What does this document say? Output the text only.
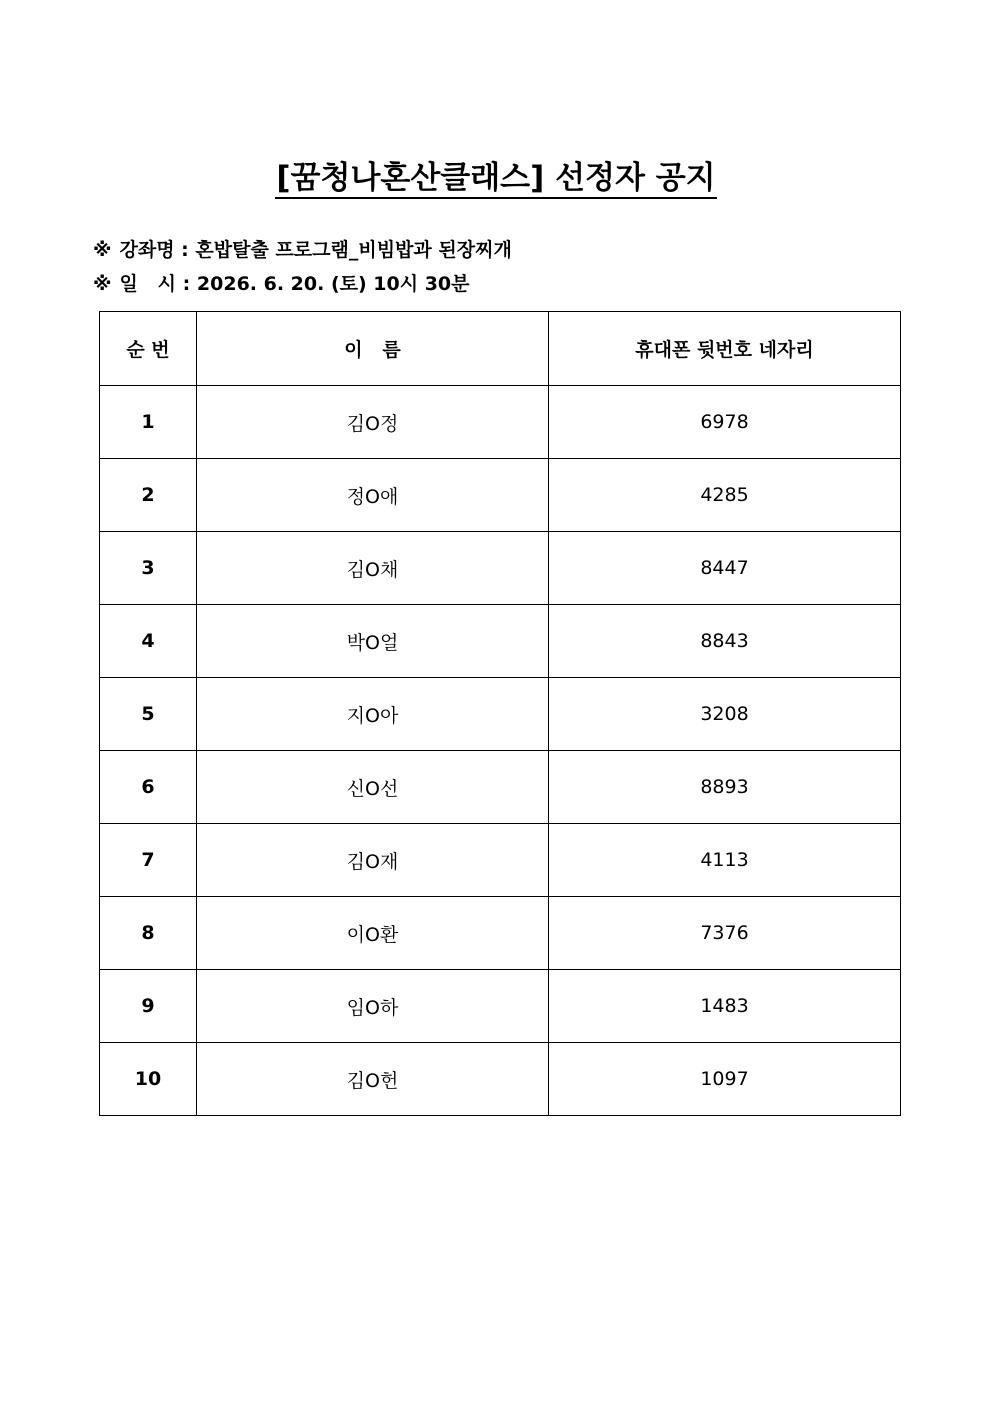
[꿈청나혼산클래스] 선정자 공지
※ 강좌명 : 혼밥탈출 프로그램_비빔밥과 된장찌개
※ 일   시 : 2026. 6. 20. (토) 10시 30분
순 번	이   름	휴대폰 뒷번호 네자리
1	김O정	6978
2	정O애	4285
3	김O채	8447
4	박O얼	8843
5	지O아	3208
6	신O선	8893
7	김O재	4113
8	이O환	7376
9	임O하	1483
10	김O헌	1097
